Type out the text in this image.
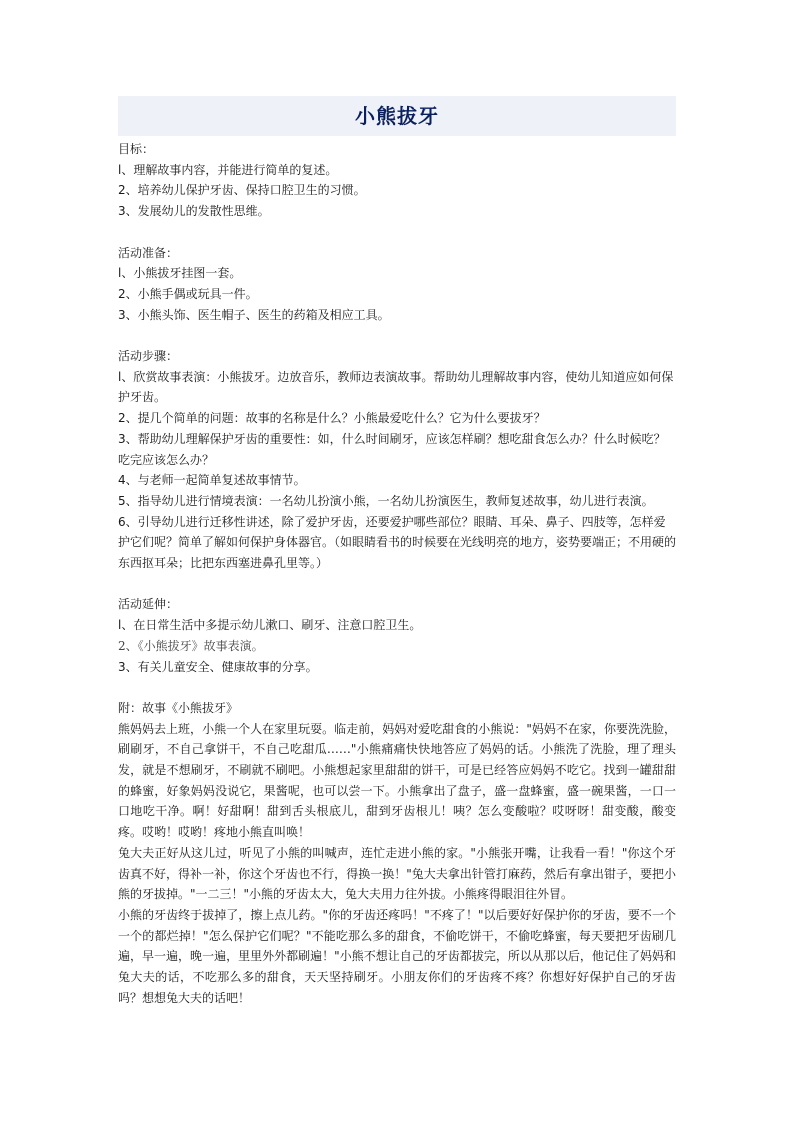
小熊拔牙
目标：
l、理解故事内容，并能进行简单的复述。
2、培养幼儿保护牙齿、保持口腔卫生的习惯。
3、发展幼儿的发散性思维。
活动准备：
l、小熊拔牙挂图一套。
2、小熊手偶或玩具一件。
3、小熊头饰、医生帽子、医生的药箱及相应工具。
活动步骤：
l、欣赏故事表演：小熊拔牙。边放音乐，教师边表演故事。帮助幼儿理解故事内容，使幼儿知道应如何保护牙齿。
2、提几个简单的问题：故事的名称是什么？小熊最爱吃什么？它为什么要拔牙？
3、帮助幼儿理解保护牙齿的重要性：如，什么时间刷牙，应该怎样刷？想吃甜食怎么办？什么时候吃？吃完应该怎么办？
4、与老师一起简单复述故事情节。
5、指导幼儿进行情境表演：一名幼儿扮演小熊，一名幼儿扮演医生，教师复述故事，幼儿进行表演。
6、引导幼儿进行迁移性讲述，除了爱护牙齿，还要爱护哪些部位？眼睛、耳朵、鼻子、四肢等，怎样爱护它们呢？简单了解如何保护身体器官。（如眼睛看书的时候要在光线明亮的地方，姿势要端正；不用硬的东西抠耳朵；比把东西塞进鼻孔里等。）
活动延伸：
l、在日常生活中多提示幼儿漱口、刷牙、注意口腔卫生。
2、《小熊拔牙》故事表演。
3、有关儿童安全、健康故事的分享。
附：故事《小熊拔牙》

熊妈妈去上班，小熊一个人在家里玩耍。临走前，妈妈对爱吃甜食的小熊说："妈妈不在家，你要洗洗脸，刷刷牙，不自己拿饼干，不自己吃甜瓜……"小熊痛痛快快地答应了妈妈的话。小熊洗了洗脸，理了理头发，就是不想刷牙，不刷就不刷吧。小熊想起家里甜甜的饼干，可是已经答应妈妈不吃它。找到一罐甜甜的蜂蜜，好象妈妈没说它，果酱呢，也可以尝一下。小熊拿出了盘子，盛一盘蜂蜜，盛一碗果酱，一口一口地吃干净。啊！好甜啊！甜到舌头根底儿，甜到牙齿根儿！咦？怎么变酸啦？哎呀呀！甜变酸，酸变疼。哎哟！哎哟！疼地小熊直叫唤！

兔大夫正好从这儿过，听见了小熊的叫喊声，连忙走进小熊的家。"小熊张开嘴，让我看一看！"你这个牙齿真不好，得补一补，你这个牙齿也不行，得换一换！"兔大夫拿出针管打麻药，然后有拿出钳子，要把小熊的牙拔掉。"一二三！"小熊的牙齿太大，兔大夫用力往外拔。小熊疼得眼泪往外冒。

小熊的牙齿终于拔掉了，擦上点儿药。"你的牙齿还疼吗！"不疼了！"以后要好好保护你的牙齿，要不一个一个的都烂掉！"怎么保护它们呢？"不能吃那么多的甜食，不偷吃饼干，不偷吃蜂蜜，每天要把牙齿刷几遍，早一遍，晚一遍，里里外外都刷遍！"小熊不想让自己的牙齿都拔完，所以从那以后，他记住了妈妈和兔大夫的话，不吃那么多的甜食，天天坚持刷牙。小朋友你们的牙齿疼不疼？你想好好保护自己的牙齿吗？想想兔大夫的话吧！
